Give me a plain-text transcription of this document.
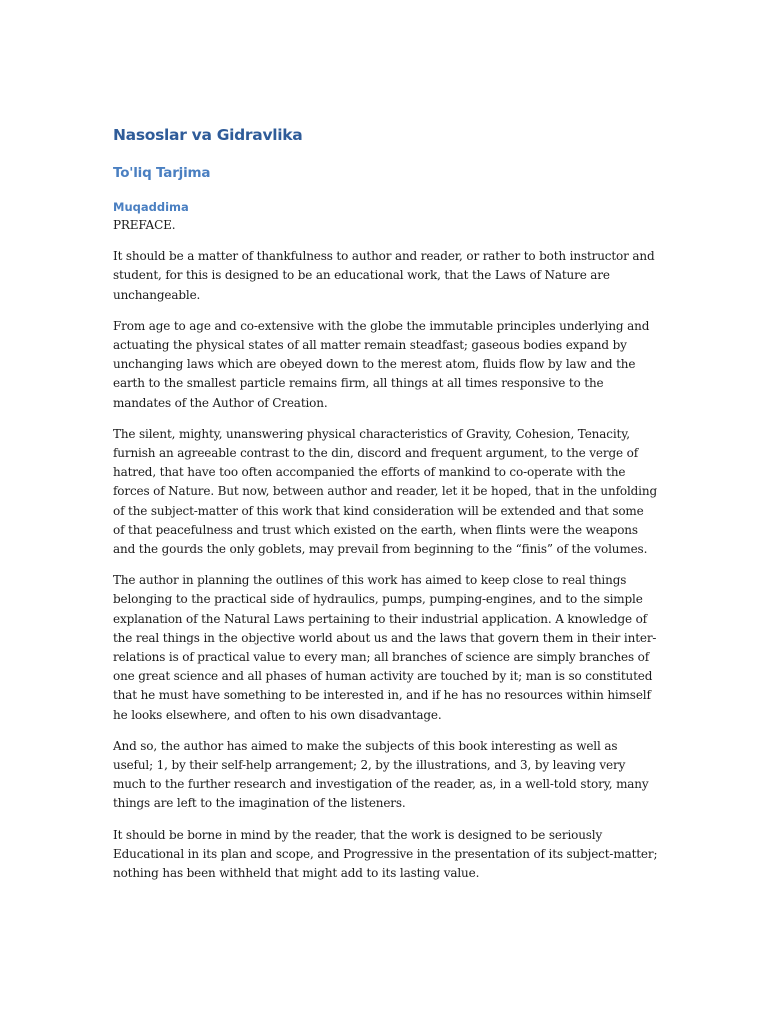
Nasoslar va Gidravlika
To'liq Tarjima
Muqaddima

PREFACE.

It should be a matter of thankfulness to author and reader, or rather to both instructor and student, for this is designed to be an educational work, that the Laws of Nature are unchangeable.

From age to age and co-extensive with the globe the immutable principles underlying and actuating the physical states of all matter remain steadfast; gaseous bodies expand by unchanging laws which are obeyed down to the merest atom, fluids flow by law and the earth to the smallest particle remains firm, all things at all times responsive to the mandates of the Author of Creation.

The silent, mighty, unanswering physical characteristics of Gravity, Cohesion, Tenacity, furnish an agreeable contrast to the din, discord and frequent argument, to the verge of hatred, that have too often accompanied the efforts of mankind to co-operate with the forces of Nature. But now, between author and reader, let it be hoped, that in the unfolding of the subject-matter of this work that kind consideration will be extended and that some of that peacefulness and trust which existed on the earth, when flints were the weapons and the gourds the only goblets, may prevail from beginning to the “finis” of the volumes.

The author in planning the outlines of this work has aimed to keep close to real things belonging to the practical side of hydraulics, pumps, pumping-engines, and to the simple explanation of the Natural Laws pertaining to their industrial application. A knowledge of the real things in the objective world about us and the laws that govern them in their inter-relations is of practical value to every man; all branches of science are simply branches of one great science and all phases of human activity are touched by it; man is so constituted that he must have something to be interested in, and if he has no resources within himself he looks elsewhere, and often to his own disadvantage.

And so, the author has aimed to make the subjects of this book interesting as well as useful; 1, by their self-help arrangement; 2, by the illustrations, and 3, by leaving very much to the further research and investigation of the reader, as, in a well-told story, many things are left to the imagination of the listeners.

It should be borne in mind by the reader, that the work is designed to be seriously Educational in its plan and scope, and Progressive in the presentation of its subject-matter; nothing has been withheld that might add to its lasting value.
